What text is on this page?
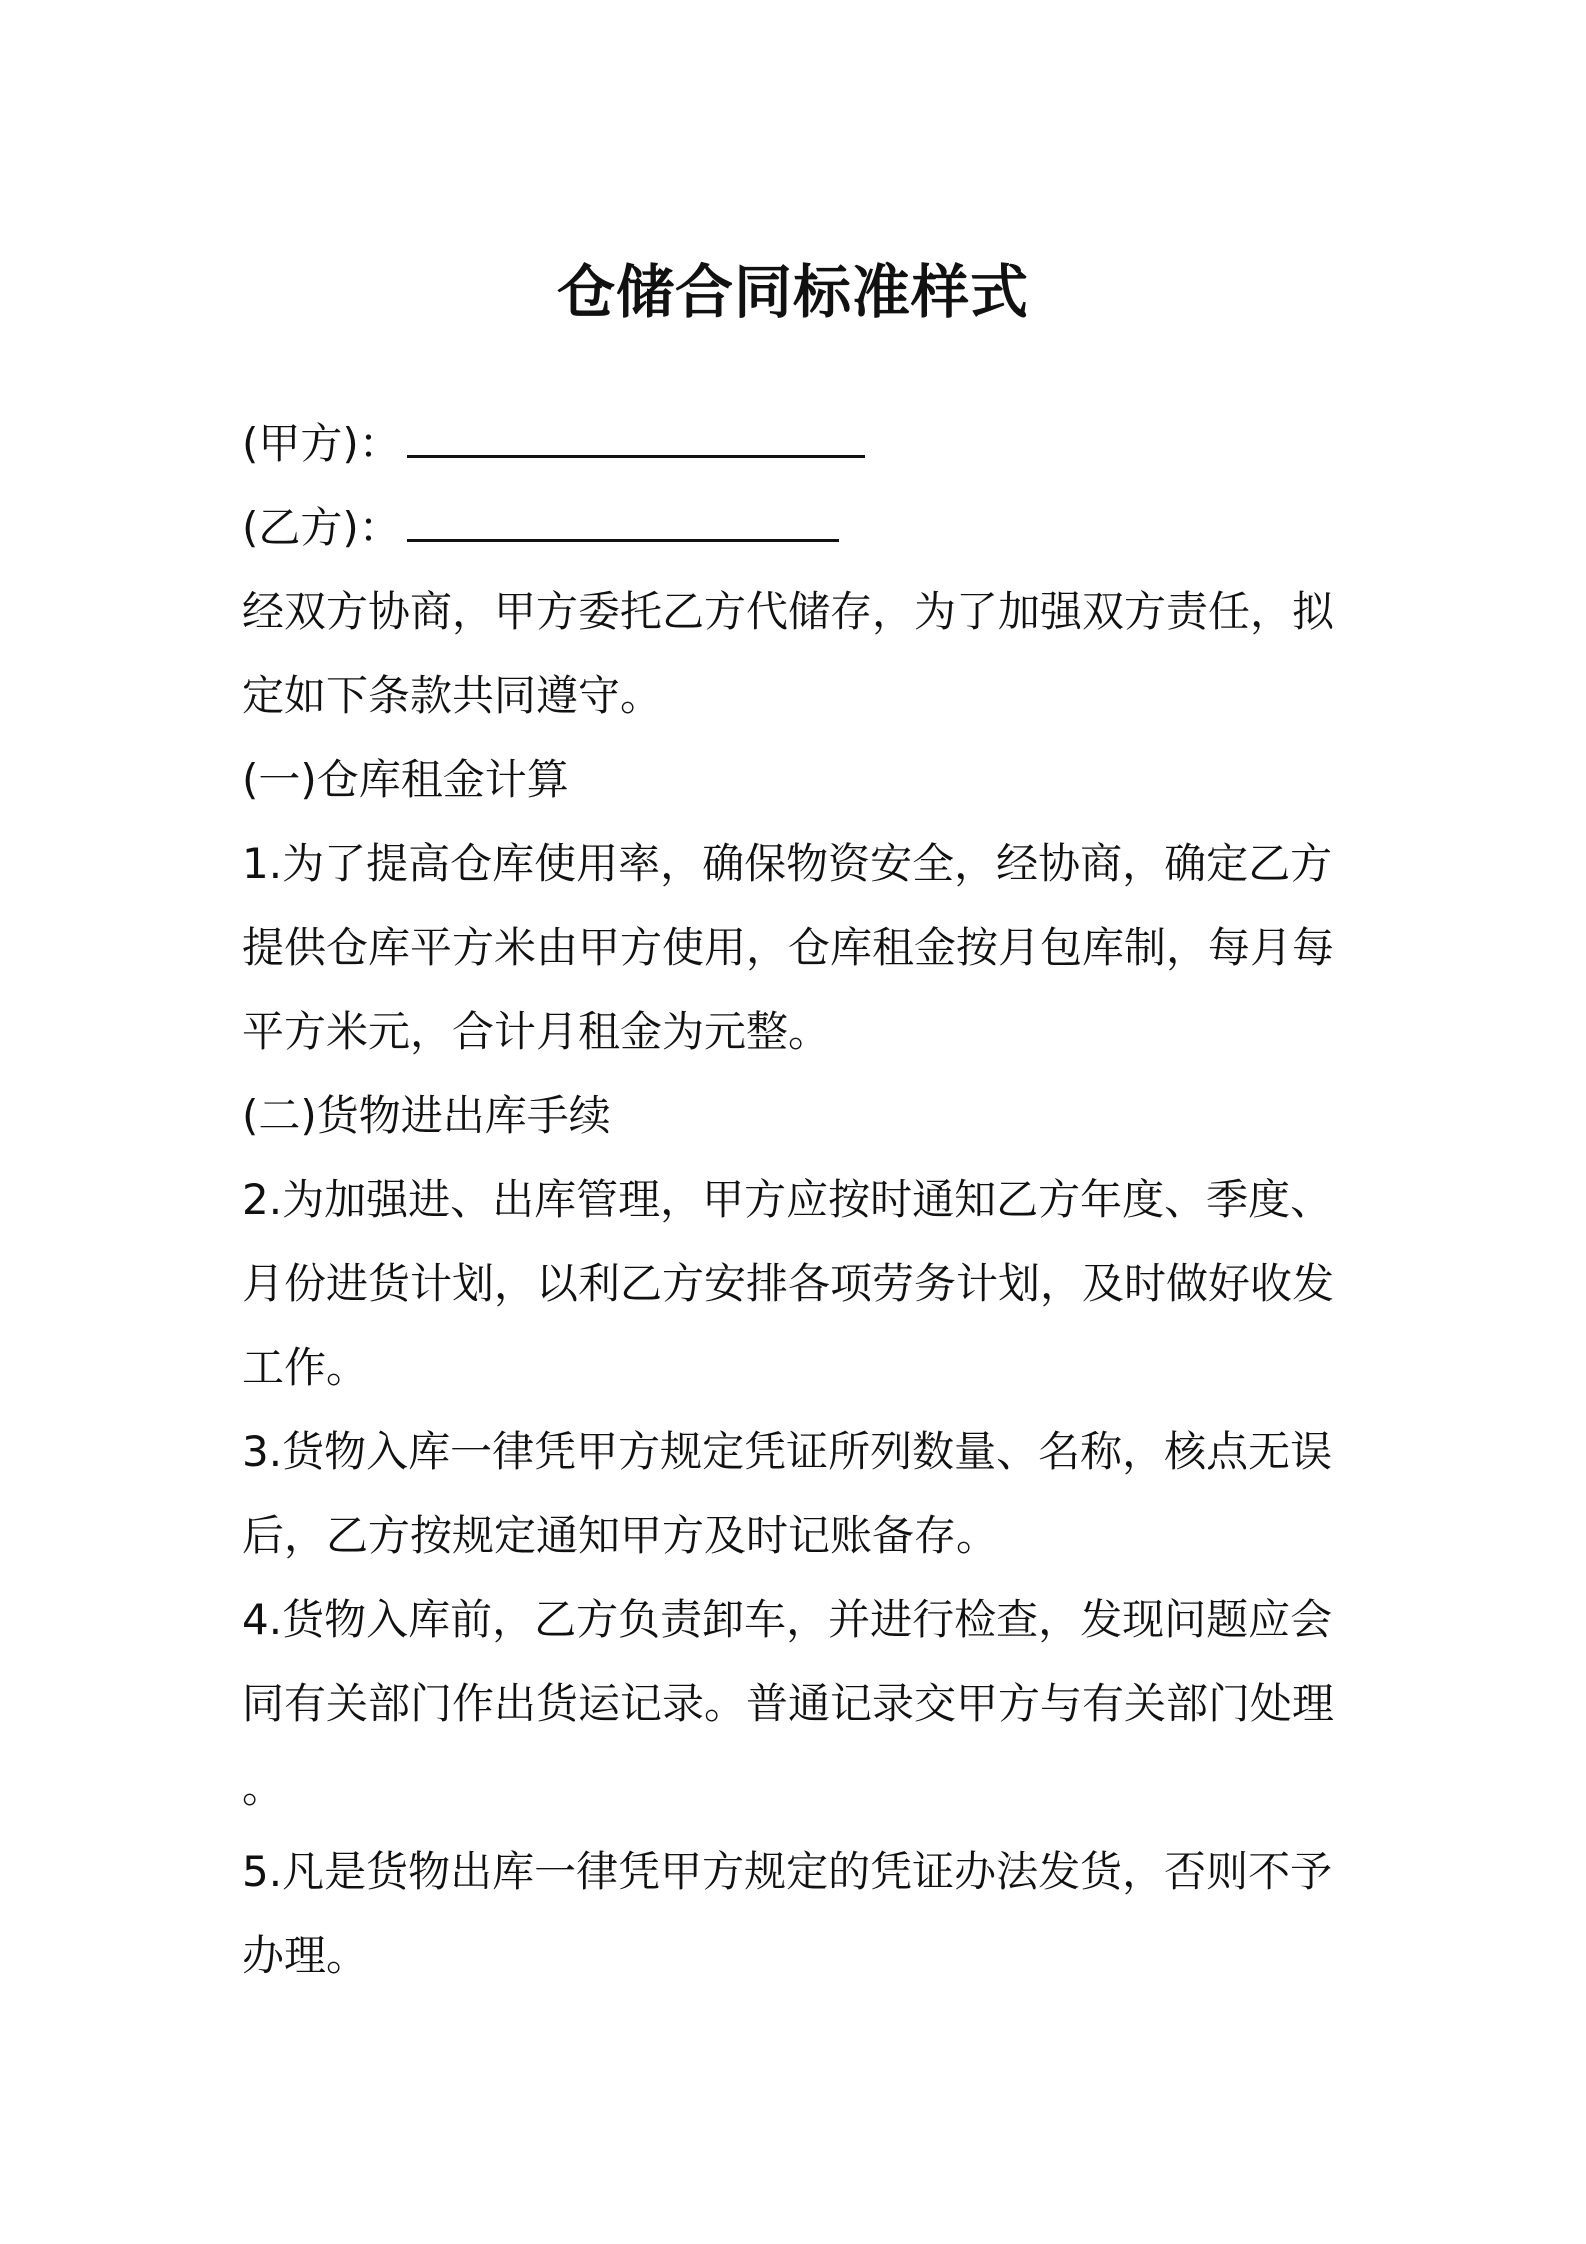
仓储合同标准样式
(甲方)：
(乙方)：
经双方协商，甲方委托乙方代储存，为了加强双方责任，拟
定如下条款共同遵守。
(一)仓库租金计算
1.为了提高仓库使用率，确保物资安全，经协商，确定乙方
提供仓库平方米由甲方使用，仓库租金按月包库制，每月每
平方米元，合计月租金为元整。
(二)货物进出库手续
2.为加强进、出库管理，甲方应按时通知乙方年度、季度、
月份进货计划，以利乙方安排各项劳务计划，及时做好收发
工作。
3.货物入库一律凭甲方规定凭证所列数量、名称，核点无误
后，乙方按规定通知甲方及时记账备存。
4.货物入库前，乙方负责卸车，并进行检查，发现问题应会
同有关部门作出货运记录。普通记录交甲方与有关部门处理
。
5.凡是货物出库一律凭甲方规定的凭证办法发货，否则不予
办理。
